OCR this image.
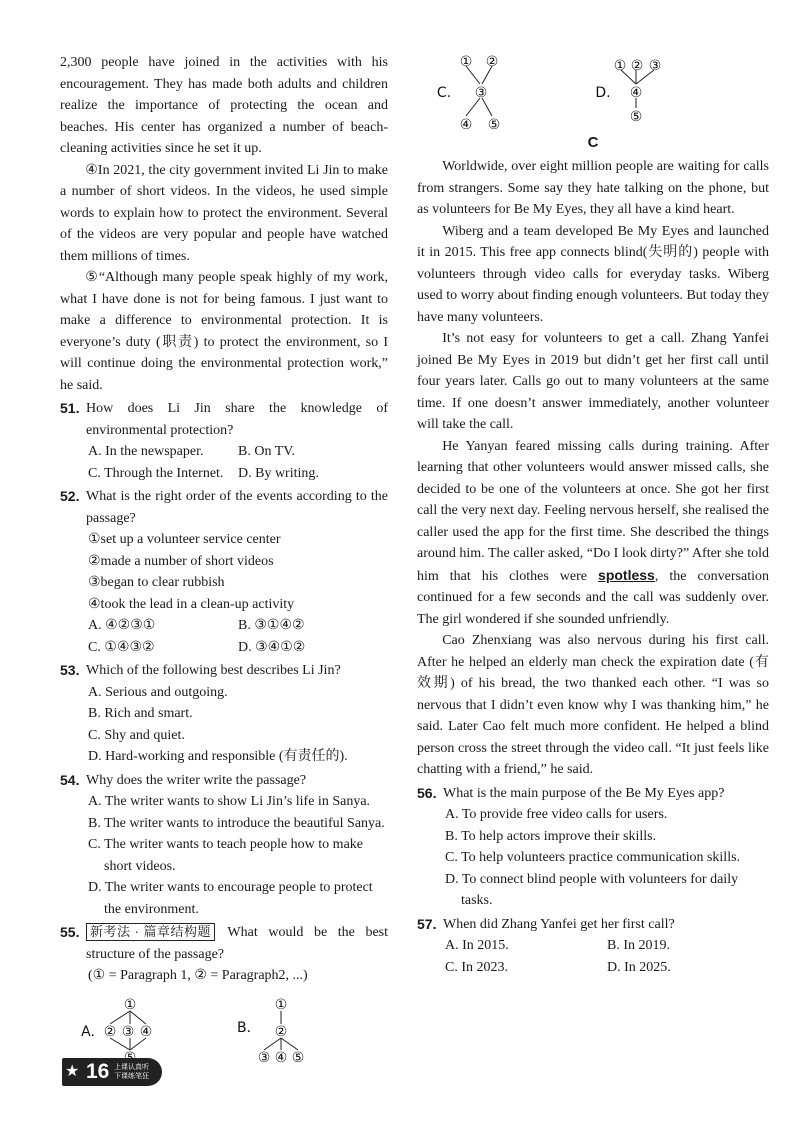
2,300 people have joined in the activities with his encouragement. They has made both adults and children realize the importance of protecting the ocean and beaches. His center has organized a number of beach-cleaning activities since he set it up.

④In 2021, the city government invited Li Jin to make a number of short videos. In the videos, he used simple words to explain how to protect the environment. Several of the videos are very popular and people have watched them millions of times.

⑤“Although many people speak highly of my work, what I have done is not for being famous. I just want to make a difference to environmental protection. It is everyone’s duty (职责) to protect the environment, so I will continue doing the environmental protection work,” he said.

51. How does Li Jin share the knowledge of environmental protection?
A. In the newspaper.	B. On TV.
C. Through the Internet.	D. By writing.
52. What is the right order of the events according to the passage?
①set up a volunteer service center
②made a number of short videos
③began to clear rubbish
④took the lead in a clean-up activity
A. ④②③①	B. ③①④②
C. ①④③②	D. ③④①②
53. Which of the following best describes Li Jin?
A. Serious and outgoing.
B. Rich and smart.
C. Shy and quiet.
D. Hard-working and responsible (有责任的).
54. Why does the writer write the passage?
A. The writer wants to show Li Jin’s life in Sanya.
B. The writer wants to introduce the beautiful Sanya.
C. The writer wants to teach people how to make short videos.
D. The writer wants to encourage people to protect the environment.
55. 新考法 · 篇章结构题 What would be the best structure of the passage?
(① = Paragraph 1, ② = Paragraph2, ...)
A.
①
② ③ ④	B.
①
②
③ ④ ⑤
C.
① ②
③
④ ⑤
D.
① ② ③
④
⑤
C

Worldwide, over eight million people are waiting for calls from strangers. Some say they hate talking on the phone, but as volunteers for Be My Eyes, they all have a kind heart.

Wiberg and a team developed Be My Eyes and launched it in 2015. This free app connects blind(失明的) people with volunteers through video calls for everyday tasks. Wiberg used to worry about finding enough volunteers. But today they have many volunteers.

It’s not easy for volunteers to get a call. Zhang Yanfei joined Be My Eyes in 2019 but didn’t get her first call until four years later. Calls go out to many volunteers at the same time. If one doesn’t answer immediately, another volunteer will take the call.

He Yanyan feared missing calls during training. After learning that other volunteers would answer missed calls, she decided to be one of the volunteers at once. She got her first call the very next day. Feeling nervous herself, she realised the caller used the app for the first time. She described the things around him. The caller asked, “Do I look dirty?” After she told him that his clothes were spotless, the conversation continued for a few seconds and the call was suddenly over. The girl wondered if she sounded unfriendly.

Cao Zhenxiang was also nervous during his first call. After he helped an elderly man check the expiration date (有效期) of his bread, the two thanked each other. “I was so nervous that I didn’t even know why I was thanking him,” he said. Later Cao felt much more confident. He helped a blind person cross the street through the video call. “It just feels like chatting with a friend,” he said.

56. What is the main purpose of the Be My Eyes app?
A. To provide free video calls for users.
B. To help actors improve their skills.
C. To help volunteers practice communication skills.
D. To connect blind people with volunteers for daily tasks.
57. When did Zhang Yanfei get her first call?
A. In 2015.	B. In 2019.
C. In 2023.	D. In 2025.
★ 16 上课认真听
下课练笔狂
